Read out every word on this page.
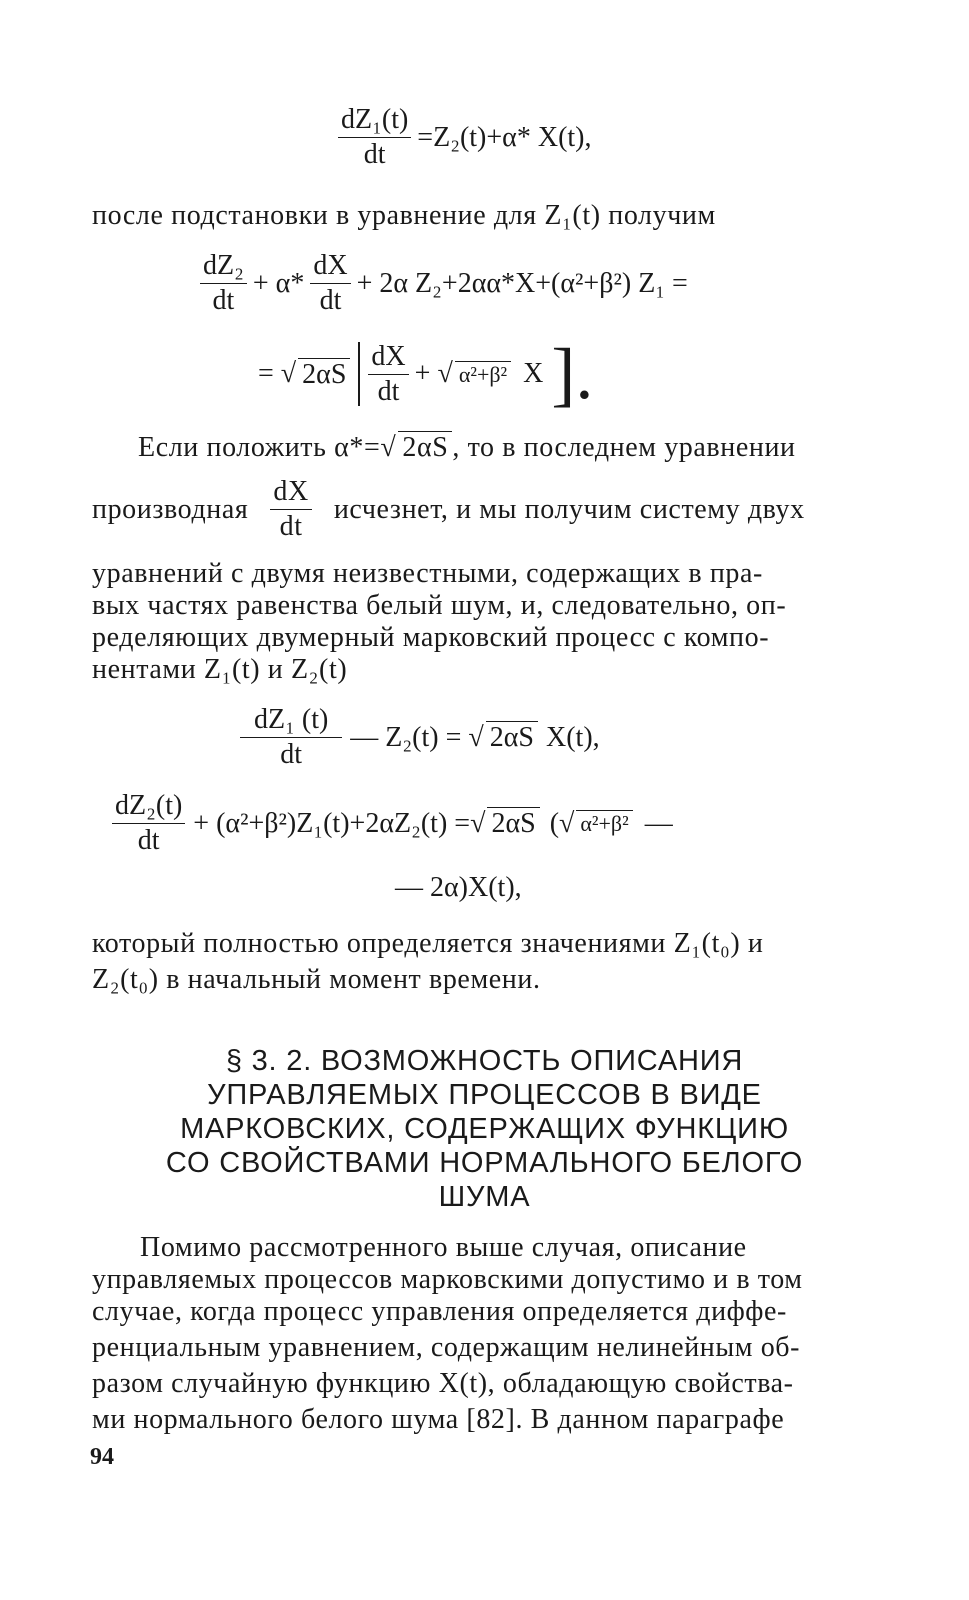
$\frac{\text{dZ₁(t)}}{dt} =Z_2(t)+\alpha*$ X(t),
после подстановки в уравнение для Z₁(t) получим
$\frac{\text{dZ₂}}{dt} + \alpha* \frac{dX}{dt} + 2\alpha$ Z₂+2αα*X+(α²+β²) Z₁ =
= √ $2\alpha S \frac{dX}{dt}$ + √ α²+β² X ].
Если положить α*=√ 2αS , то в последнем уравнении
производная $\frac{dX}{dt}$ исчезнет, и мы получим систему двух
уравнений с двумя неизвестными, содержащих в пра-
вых частях равенства белый шум, и, следовательно, оп-
ределяющих двумерный марковский процесс с компо-
нентами Z₁(t) и Z₂(t)
$\frac{\text{dZ₁ (t)}}{dt}$ — Z₂(t) = √ 2αS X(t),
$\frac{\text{dZ₂(t)}}{dt} + (\alpha^2+\beta^2)Z_1(t)+2\alpha Z_2(t)$ =√ 2αS (√ α²+β² —
— 2α)X(t),
который полностью определяется значениями Z₁(t₀) и
Z₂(t₀) в начальный момент времени.
§ 3. 2. ВОЗМОЖНОСТЬ ОПИСАНИЯ
УПРАВЛЯЕМЫХ ПРОЦЕССОВ В ВИДЕ
МАРКОВСКИХ, СОДЕРЖАЩИХ ФУНКЦИЮ
СО СВОЙСТВАМИ НОРМАЛЬНОГО БЕЛОГО
ШУМА
Помимо рассмотренного выше случая, описание
управляемых процессов марковскими допустимо и в том
случае, когда процесс управления определяется диффе-
ренциальным уравнением, содержащим нелинейным об-
разом случайную функцию X(t), обладающую свойства-
ми нормального белого шума [82]. В данном параграфе
94
